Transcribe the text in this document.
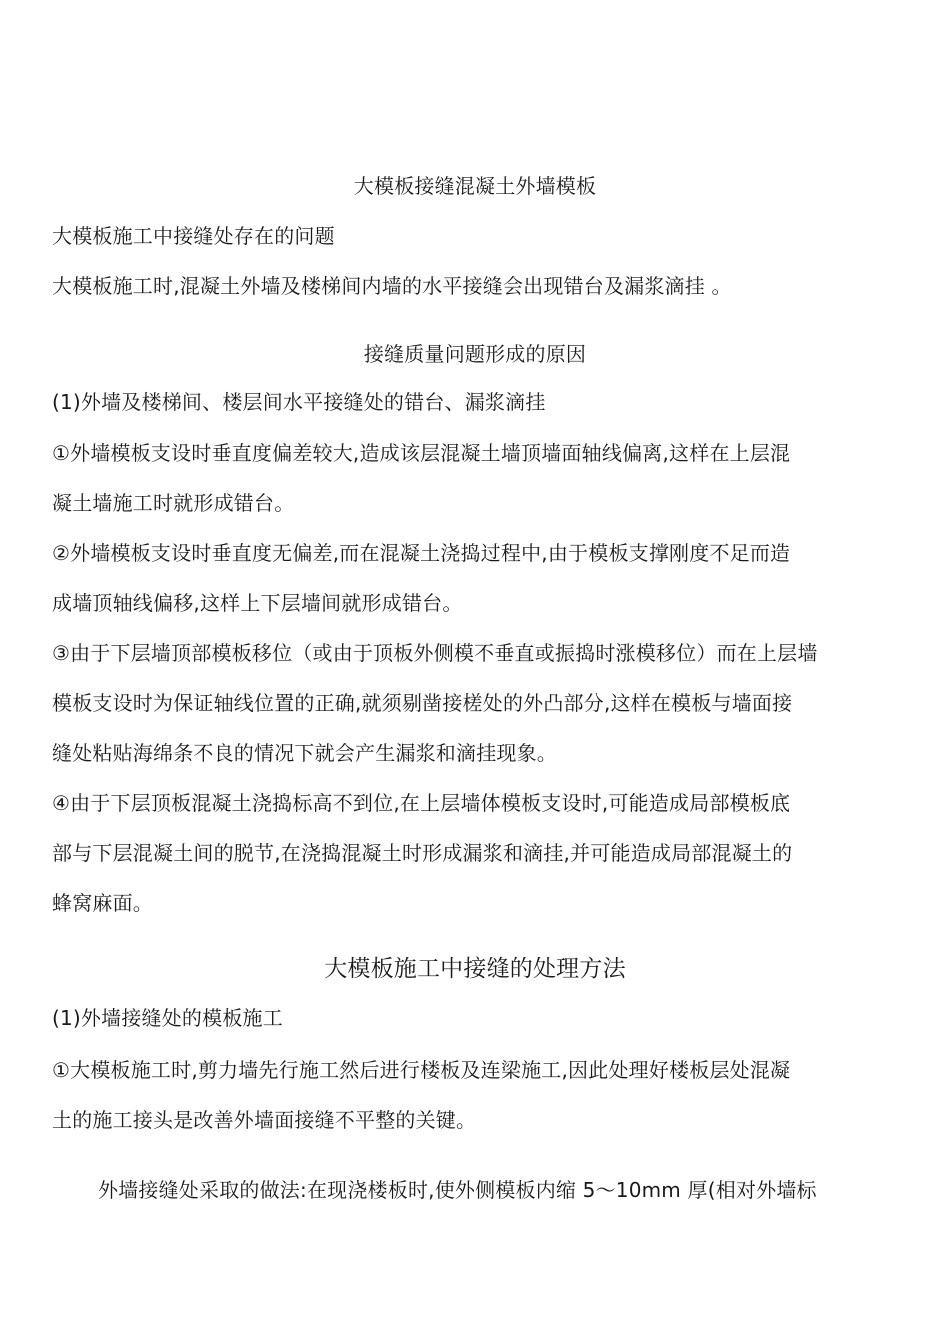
大模板接缝混凝土外墙模板
大模板施工中接缝处存在的问题
大模板施工时,混凝土外墙及楼梯间内墙的水平接缝会出现错台及漏浆滴挂 。
接缝质量问题形成的原因
(1)外墙及楼梯间、楼层间水平接缝处的错台、漏浆滴挂
①外墙模板支设时垂直度偏差较大,造成该层混凝土墙顶墙面轴线偏离,这样在上层混
凝土墙施工时就形成错台。
②外墙模板支设时垂直度无偏差,而在混凝土浇捣过程中,由于模板支撑刚度不足而造
成墙顶轴线偏移,这样上下层墙间就形成错台。
③由于下层墙顶部模板移位（或由于顶板外侧模不垂直或振捣时涨模移位）而在上层墙
模板支设时为保证轴线位置的正确,就须剔凿接槎处的外凸部分,这样在模板与墙面接
缝处粘贴海绵条不良的情况下就会产生漏浆和滴挂现象。
④由于下层顶板混凝土浇捣标高不到位,在上层墙体模板支设时,可能造成局部模板底
部与下层混凝土间的脱节,在浇捣混凝土时形成漏浆和滴挂,并可能造成局部混凝土的
蜂窝麻面。
大模板施工中接缝的处理方法
(1)外墙接缝处的模板施工
①大模板施工时,剪力墙先行施工然后进行楼板及连梁施工,因此处理好楼板层处混凝
土的施工接头是改善外墙面接缝不平整的关键。
外墙接缝处采取的做法:在现浇楼板时,使外侧模板内缩 5～10mm 厚(相对外墙标
